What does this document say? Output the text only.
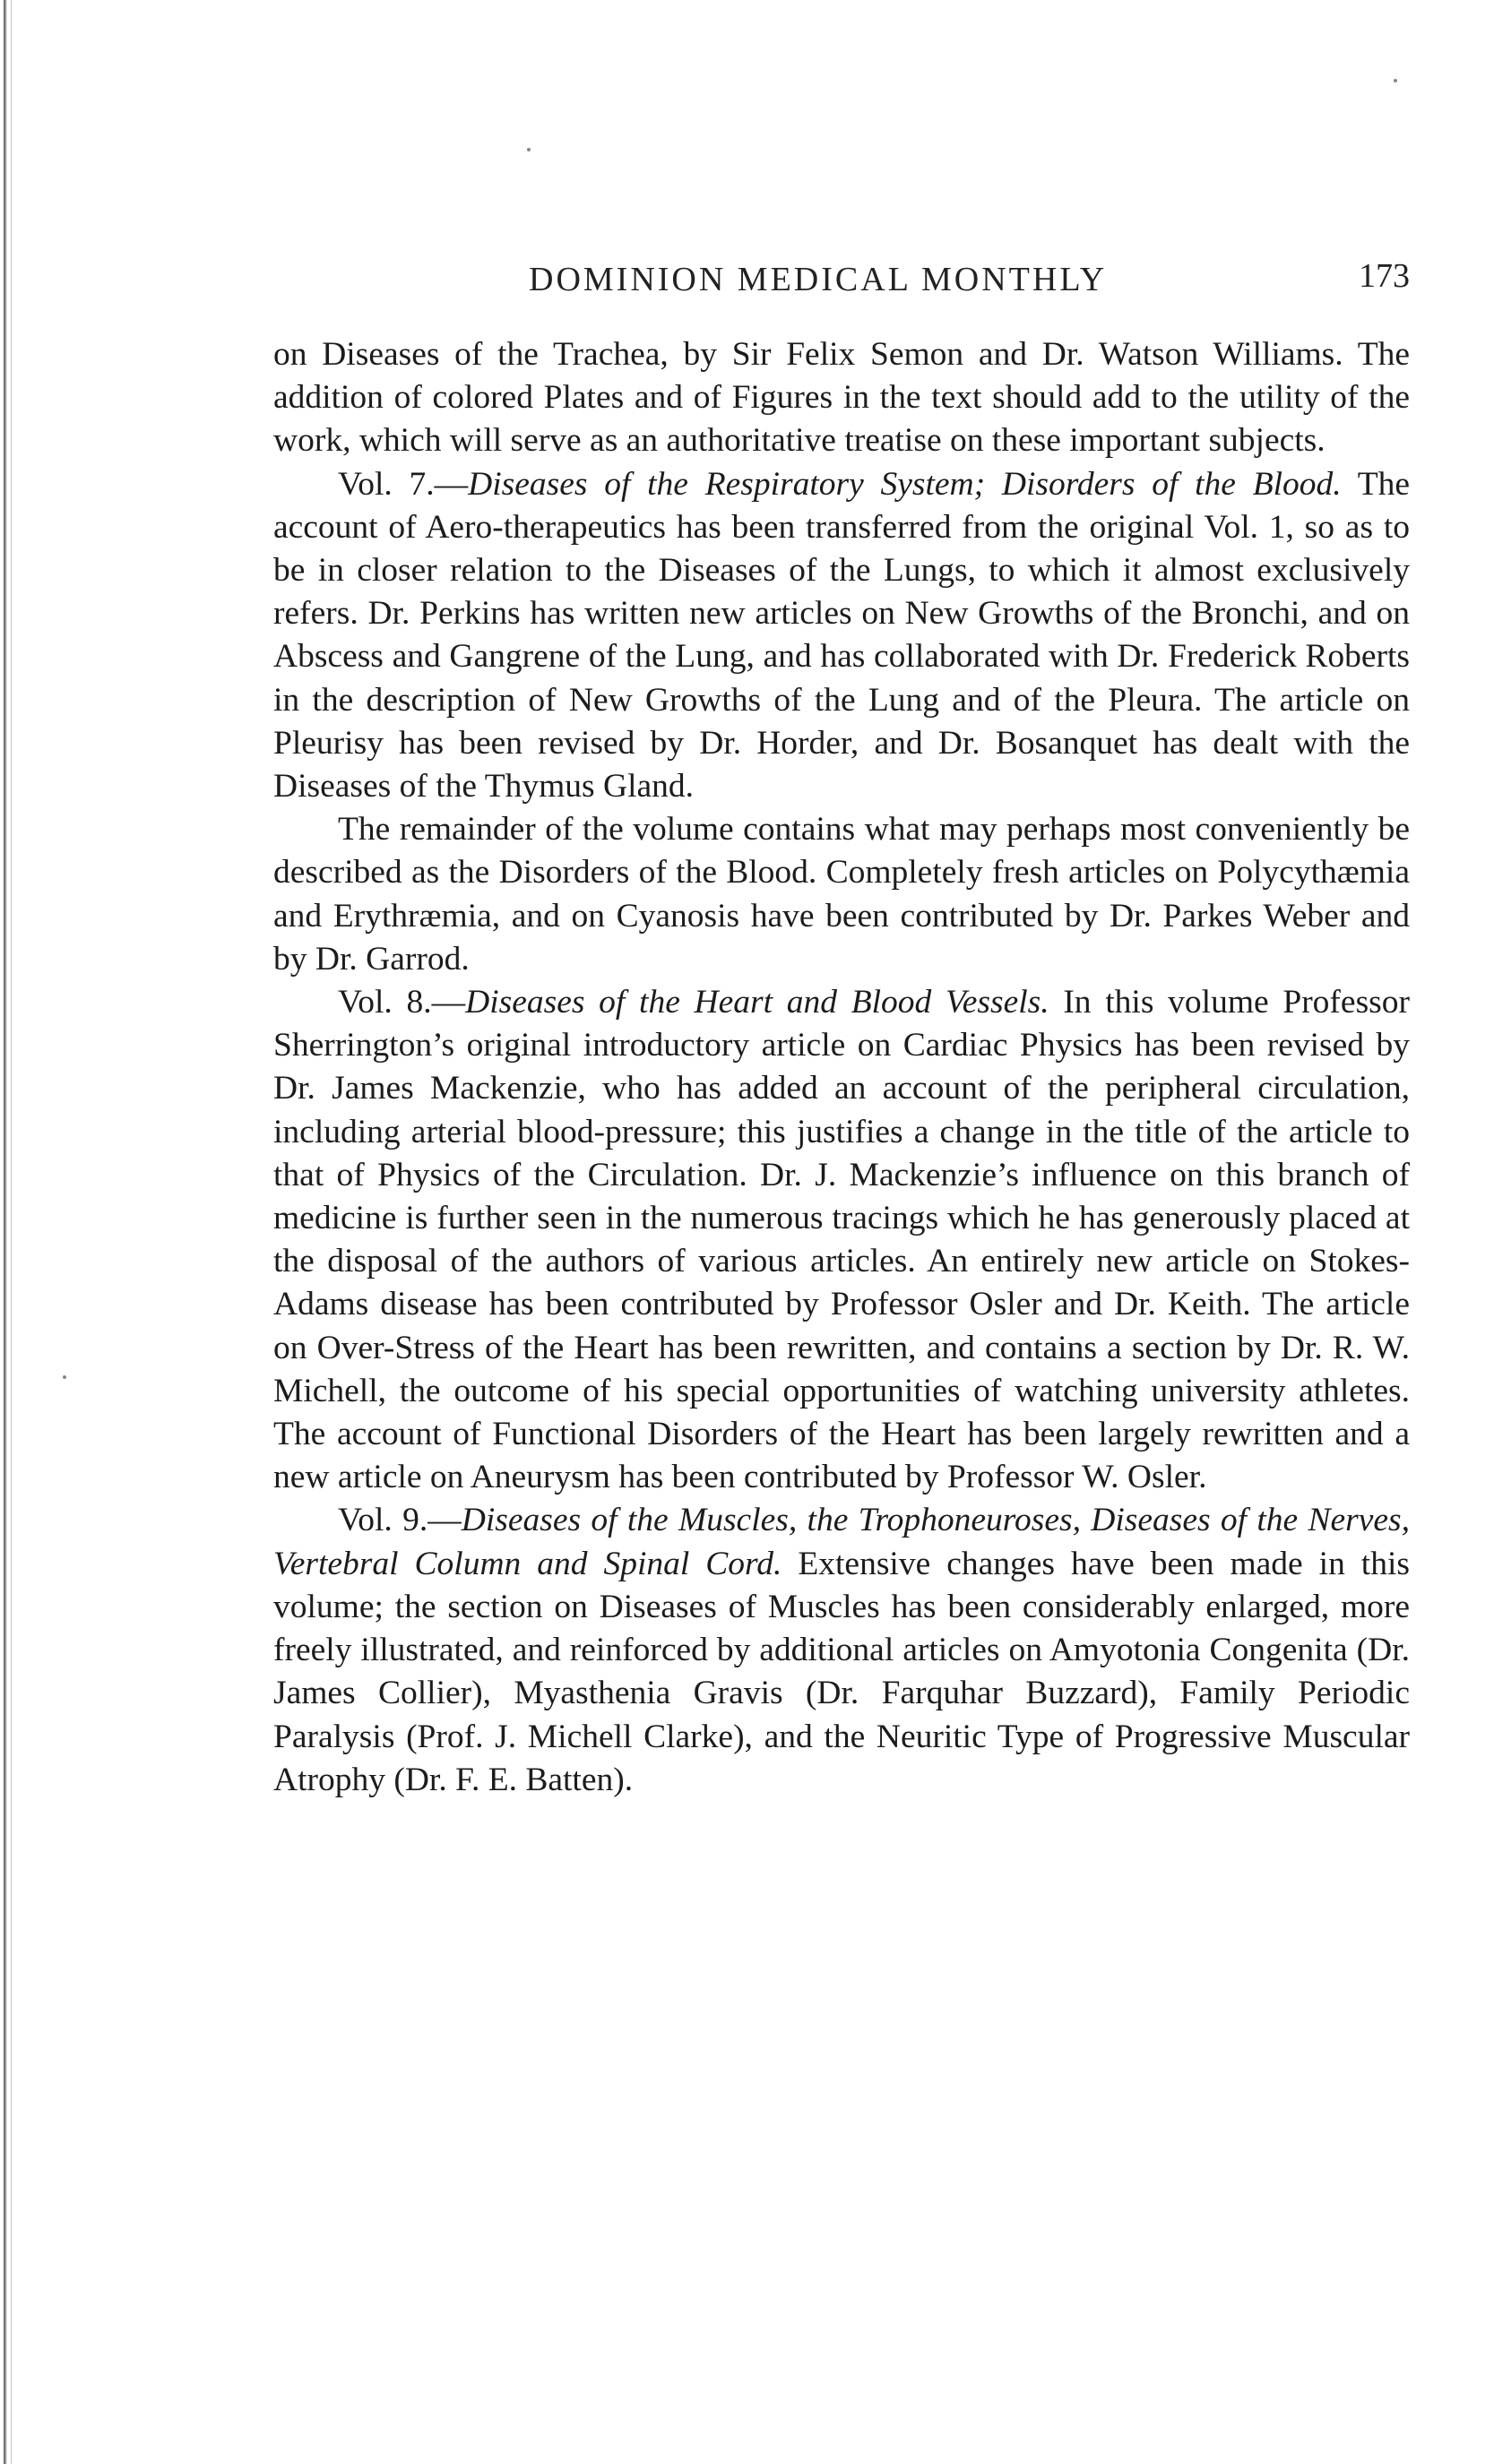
DOMINION MEDICAL MONTHLY	173

on Diseases of the Trachea, by Sir Felix Semon and Dr. Watson Williams. The addition of colored Plates and of Figures in the text should add to the utility of the work, which will serve as an authoritative treatise on these important subjects.

Vol. 7.—Diseases of the Respiratory System; Disorders of the Blood. The account of Aero-therapeutics has been transferred from the original Vol. 1, so as to be in closer relation to the Diseases of the Lungs, to which it almost exclusively refers. Dr. Perkins has written new articles on New Growths of the Bronchi, and on Abscess and Gangrene of the Lung, and has collaborated with Dr. Frederick Roberts in the description of New Growths of the Lung and of the Pleura. The article on Pleurisy has been revised by Dr. Horder, and Dr. Bosanquet has dealt with the Diseases of the Thymus Gland.

The remainder of the volume contains what may perhaps most conveniently be described as the Disorders of the Blood. Completely fresh articles on Polycythæmia and Erythræmia, and on Cyanosis have been contributed by Dr. Parkes Weber and by Dr. Garrod.

Vol. 8.—Diseases of the Heart and Blood Vessels. In this volume Professor Sherrington’s original introductory article on Cardiac Physics has been revised by Dr. James Mackenzie, who has added an account of the peripheral circulation, including arterial blood-pressure; this justifies a change in the title of the article to that of Physics of the Circulation. Dr. J. Mackenzie’s influence on this branch of medicine is further seen in the numerous tracings which he has generously placed at the disposal of the authors of various articles. An entirely new article on Stokes-Adams disease has been contributed by Professor Osler and Dr. Keith. The article on Over-Stress of the Heart has been rewritten, and contains a section by Dr. R. W. Michell, the outcome of his special opportunities of watching university athletes. The account of Functional Disorders of the Heart has been largely rewritten and a new article on Aneurysm has been contributed by Professor W. Osler.

Vol. 9.—Diseases of the Muscles, the Trophoneuroses, Diseases of the Nerves, Vertebral Column and Spinal Cord. Extensive changes have been made in this volume; the section on Diseases of Muscles has been considerably enlarged, more freely illustrated, and reinforced by additional articles on Amyotonia Congenita (Dr. James Collier), Myasthenia Gravis (Dr. Farquhar Buzzard), Family Periodic Paralysis (Prof. J. Michell Clarke), and the Neuritic Type of Progressive Muscular Atrophy (Dr. F. E. Batten).
